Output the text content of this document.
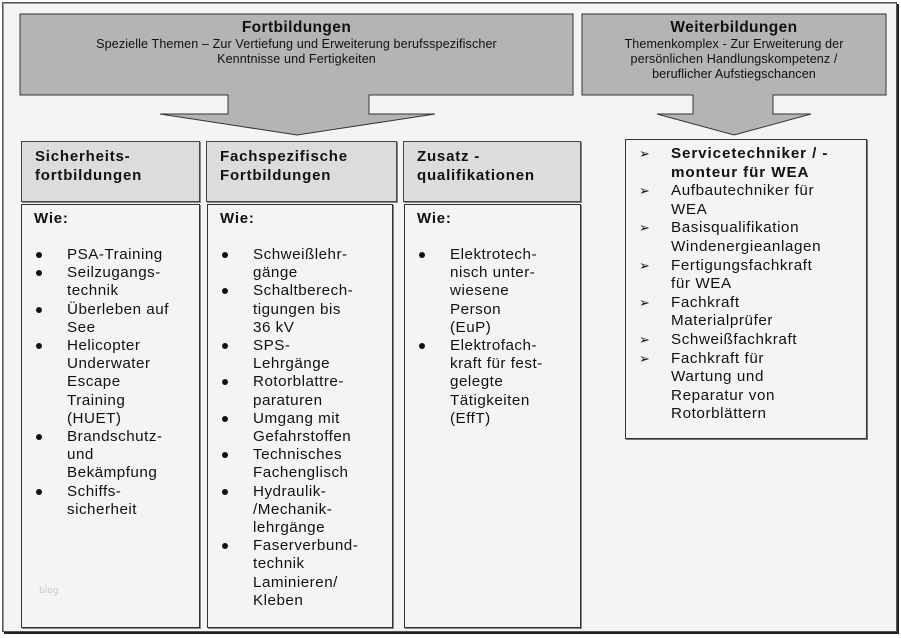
Fortbildungen
Spezielle Themen – Zur Vertiefung und Erweiterung berufsspezifischer
Kenntnisse und Fertigkeiten
Weiterbildungen
Themenkomplex - Zur Erweiterung der
persönlichen Handlungskompetenz /
beruflicher Aufstiegschancen
Sicherheits-
fortbildungen
Fachspezifische
Fortbildungen
Zusatz -
qualifikationen
Wie:
PSA-Training
Seilzugangs-
technik
Überleben auf
See
Helicopter
Underwater
Escape
Training
(HUET)
Brandschutz-
und
Bekämpfung
Schiffs-
sicherheit
Wie:
Schweißlehr-
gänge
Schaltberech-
tigungen bis
36 kV
SPS-
Lehrgänge
Rotorblattre-
paraturen
Umgang mit
Gefahrstoffen
Technisches
Fachenglisch
Hydraulik-
/Mechanik-
lehrgänge
Faserverbund-
technik
Laminieren/
Kleben
Wie:
Elektrotech-
nisch unter-
wiesene
Person
(EuP)
Elektrofach-
kraft für fest-
gelegte
Tätigkeiten
(EffT)
➢ Servicetechniker / -
monteur für WEA
➢ Aufbautechniker für
WEA
➢ Basisqualifikation
Windenergieanlagen
➢ Fertigungsfachkraft
für WEA
➢ Fachkraft
Materialprüfer
➢ Schweißfachkraft
➢ Fachkraft für
Wartung und
Reparatur von
Rotorblättern
blog
